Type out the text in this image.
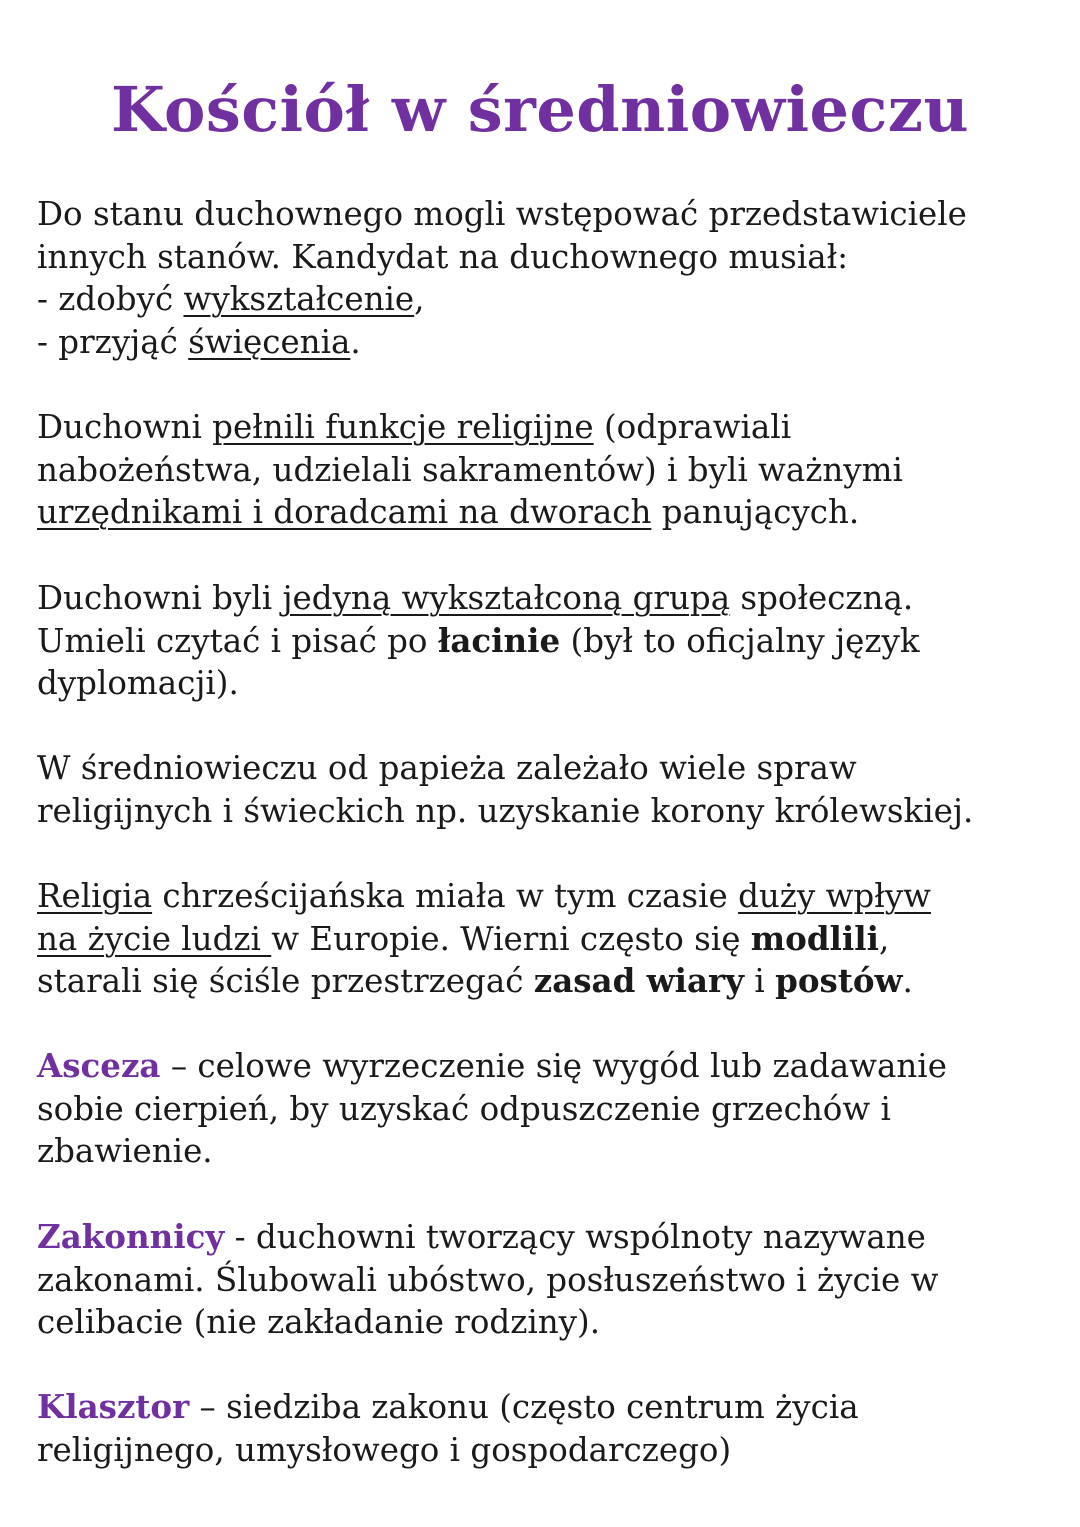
Kościół w średniowieczu

Do stanu duchownego mogli wstępować przedstawiciele
innych stanów. Kandydat na duchownego musiał:
- zdobyć wykształcenie,
- przyjąć święcenia.

Duchowni pełnili funkcje religijne (odprawiali
nabożeństwa, udzielali sakramentów) i byli ważnymi
urzędnikami i doradcami na dworach panujących.

Duchowni byli jedyną wykształconą grupą społeczną.
Umieli czytać i pisać po łacinie (był to oficjalny język
dyplomacji).

W średniowieczu od papieża zależało wiele spraw
religijnych i świeckich np. uzyskanie korony królewskiej.

Religia chrześcijańska miała w tym czasie duży wpływ
na życie ludzi w Europie. Wierni często się modlili,
starali się ściśle przestrzegać zasad wiary i postów.

Asceza – celowe wyrzeczenie się wygód lub zadawanie
sobie cierpień, by uzyskać odpuszczenie grzechów i
zbawienie.

Zakonnicy - duchowni tworzący wspólnoty nazywane
zakonami. Ślubowali ubóstwo, posłuszeństwo i życie w
celibacie (nie zakładanie rodziny).

Klasztor – siedziba zakonu (często centrum życia
religijnego, umysłowego i gospodarczego)
